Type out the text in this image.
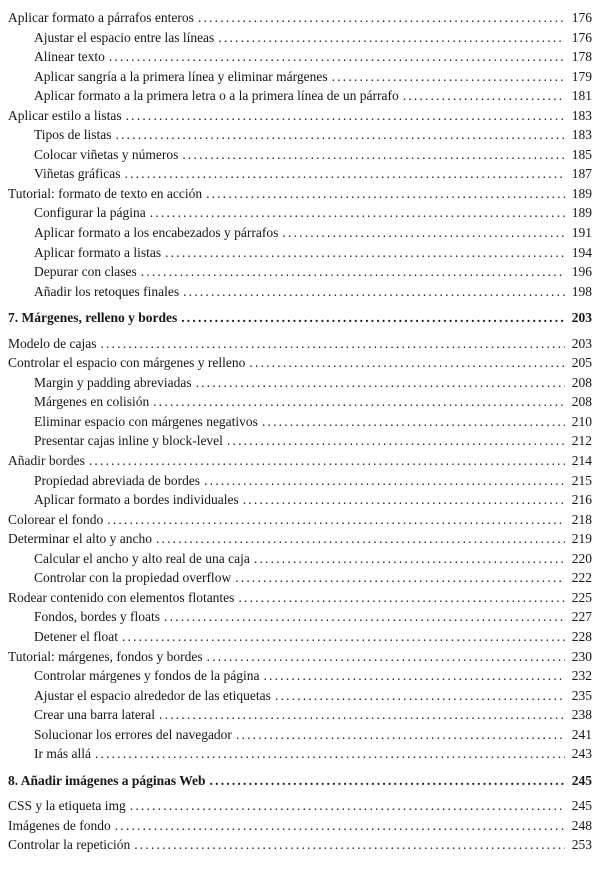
Aplicar formato a párrafos enteros .....	176
Ajustar el espacio entre las líneas .....	176
Alinear texto .....	178
Aplicar sangría a la primera línea y eliminar márgenes .....	179
Aplicar formato a la primera letra o a la primera línea de un párrafo .....	181
Aplicar estilo a listas .....	183
Tipos de listas .....	183
Colocar viñetas y números .....	185
Viñetas gráficas .....	187
Tutorial: formato de texto en acción .....	189
Configurar la página .....	189
Aplicar formato a los encabezados y párrafos .....	191
Aplicar formato a listas .....	194
Depurar con clases .....	196
Añadir los retoques finales .....	198
7. Márgenes, relleno y bordes .....	203
Modelo de cajas .....	203
Controlar el espacio con márgenes y relleno .....	205
Margin y padding abreviadas .....	208
Márgenes en colisión .....	208
Eliminar espacio con márgenes negativos .....	210
Presentar cajas inline y block-level .....	212
Añadir bordes .....	214
Propiedad abreviada de bordes .....	215
Aplicar formato a bordes individuales .....	216
Colorear el fondo .....	218
Determinar el alto y ancho .....	219
Calcular el ancho y alto real de una caja .....	220
Controlar con la propiedad overflow .....	222
Rodear contenido con elementos flotantes .....	225
Fondos, bordes y floats .....	227
Detener el float .....	228
Tutorial: márgenes, fondos y bordes .....	230
Controlar márgenes y fondos de la página .....	232
Ajustar el espacio alrededor de las etiquetas .....	235
Crear una barra lateral .....	238
Solucionar los errores del navegador .....	241
Ir más allá .....	243
8. Añadir imágenes a páginas Web .....	245
CSS y la etiqueta img .....	245
Imágenes de fondo .....	248
Controlar la repetición .....	253
